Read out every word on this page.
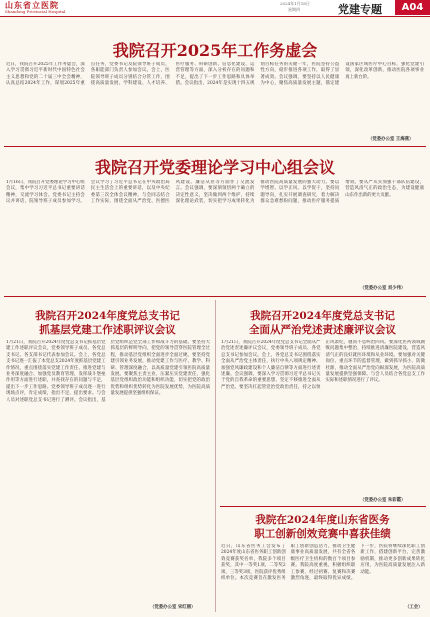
山东省立医院
Shandong Provincial Hospital
2024年1月18日
星期四	党建专题	A04
我院召开2025年工作务虚会
近日，我院召开2025年工作务虚会，深入学习贯彻习近平新时代中国特色社会主义思想和党的二十届三中全会精神，认真总结2024年工作，谋划2025年重点任务，党委书记及院领导班子成员，各职能部门负责人参加会议。会上，医院领导班子成员分别结合分管工作，围绕高质量发展、学科建设、人才培养、医疗服务、科研创新、信息化建设、运营管理等方面，深入分析存在的问题和不足，提出了下一步工作思路和具体举措。会议指出，2024年是实现十四五规划目标任务的关键一年，医院坚持公益性方向，稳步推进各项工作，取得了显著成效。会议强调，要坚持以人民健康为中心，聚焦高质量发展主题，锚定建设国家区域医疗中心目标，强化党建引领，深化改革创新，推动医院各项事业再上新台阶。
（党委办公室 王海燕）
我院召开党委理论学习中心组会议
1月16日，我院召开党委理论学习中心组会议，集中学习习近平总书记重要讲话精神，交流学习体会。党委书记主持会议并讲话，院领导班子成员参加学习。会议学习了习近平总书记在中央政治局民主生活会上的重要讲话，以及中央纪委第三次全体会议精神。与会同志结合工作实际，围绕全面从严治党、医德医风建设、廉洁从业等方面作了交流发言。会议强调，要深刻领悟两个确立的决定性意义，坚决做到两个维护，持续深化理论武装，切实把学习成果转化为推动医院高质量发展的强大动力。要以学增智、以学正风、以学促干，坚持问题导向，扎实开展调查研究，着力解决群众急难愁盼问题，推动医疗服务提质增效。要从严从实加强干部队伍建设，营造风清气正的政治生态，为建设健康山东作出新的更大贡献。
（党委办公室 刘少伟）
我院召开2024年度党总支书记
抓基层党建工作述职评议会议
1月21日，我院召开2024年度党总支书记抓基层党建工作述职评议会议，党委领导班子成员、各党总支书记、各支部书记代表参加会议。会上，各党总支书记逐一汇报了本党总支2024年度抓基层党建工作情况，重点围绕落实党建工作责任、推进党建与业务深度融合、加强党员教育管理、发挥战斗堡垒作用等方面进行述职，并查找存在的问题与不足，提出下一步工作思路。党委领导班子成员逐一进行现场点评，肯定成绩，指出不足，提出要求。与会人员对述职党总支书记进行了测评。会议指出，基层党组织是党全部工作和战斗力的基础，要坚持大抓基层的鲜明导向，把党的领导贯穿医院管理全过程，推动基层党组织全面进步全面过硬。要坚持党建引领业务发展，推动党建工作与医疗、教学、科研、管理深度融合，以高质量党建引领医院高质量发展。要聚焦主责主业，压紧压实党建责任，强化基层党组织政治功能和组织功能，切实把党的政治优势和组织优势转化为医院发展优势，为医院高质量发展提供坚强组织保证。
（党委办公室 宋红丽）
我院召开2024年度党总支书记
全面从严治党述责述廉评议会议
1月21日，我院召开2024年度党总支书记全面从严治党述责述廉评议会议，党委领导班子成员、各党总支书记参加会议。会上，各党总支书记围绕落实全面从严治党主体责任、执行中央八项规定精神、加强党风廉政建设和个人廉洁自律等方面进行述责述廉。会议强调，要深入学习贯彻习近平总书记关于党的自我革命的重要思想，坚定不移推进全面从严治党。要坚决扛起管党治党政治责任，持之以恒正风肃纪，驰而不息纠治四风。要深化医药领域腐败问题集中整治，持续推进清廉医院建设，营造风清气正的良好就医环境和从业环境。要加强对关键岗位、重点环节的监督管理，做到抓早抓小、防微杜渐，推动全面从严治党向纵深发展，为医院高质量发展提供坚强保障。与会人员结合各党总支工作实际和述职情况进行了评议。
（党委办公室 朱彩霞）
我院在2024年度山东省医务
职工创新创效竞赛中喜获佳绩
近日，山东省医务工会发布了2024年度山东省医务职工创新创效竞赛获奖名单，我院多个项目获奖，其中一等奖1项、二等奖2项、三等奖3项，医院获评优秀组织单位。本次竞赛旨在激发医务职工创新创造活力，推动卫生健康事业高质量发展，共有全省各级医疗卫生机构的数百个项目参赛。我院高度重视，积极组织职工参赛，经过初赛、复赛和决赛激烈角逐，最终取得优异成绩。下一步，医院将继续深化职工创新工作，搭建创新平台，完善激励机制，推动更多创新成果转化应用，为医院高质量发展注入新动能。
（工会）
